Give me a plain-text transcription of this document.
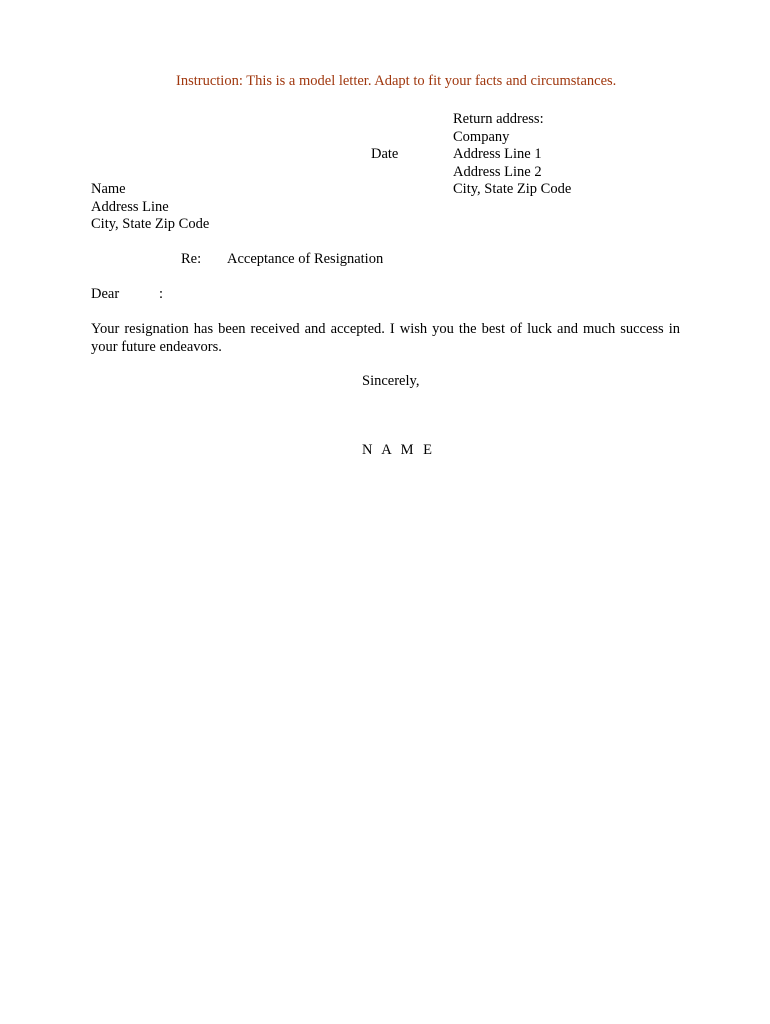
Instruction: This is a model letter. Adapt to fit your facts and circumstances.
Return address:
Company
Address Line 1
Address Line 2
City, State Zip Code
Date
Name
Address Line
City, State Zip Code
Re: Acceptance of Resignation
Dear	:
Your resignation has been received and accepted. I wish you the best of luck and much success in your future endeavors.
Sincerely,
N A M E
